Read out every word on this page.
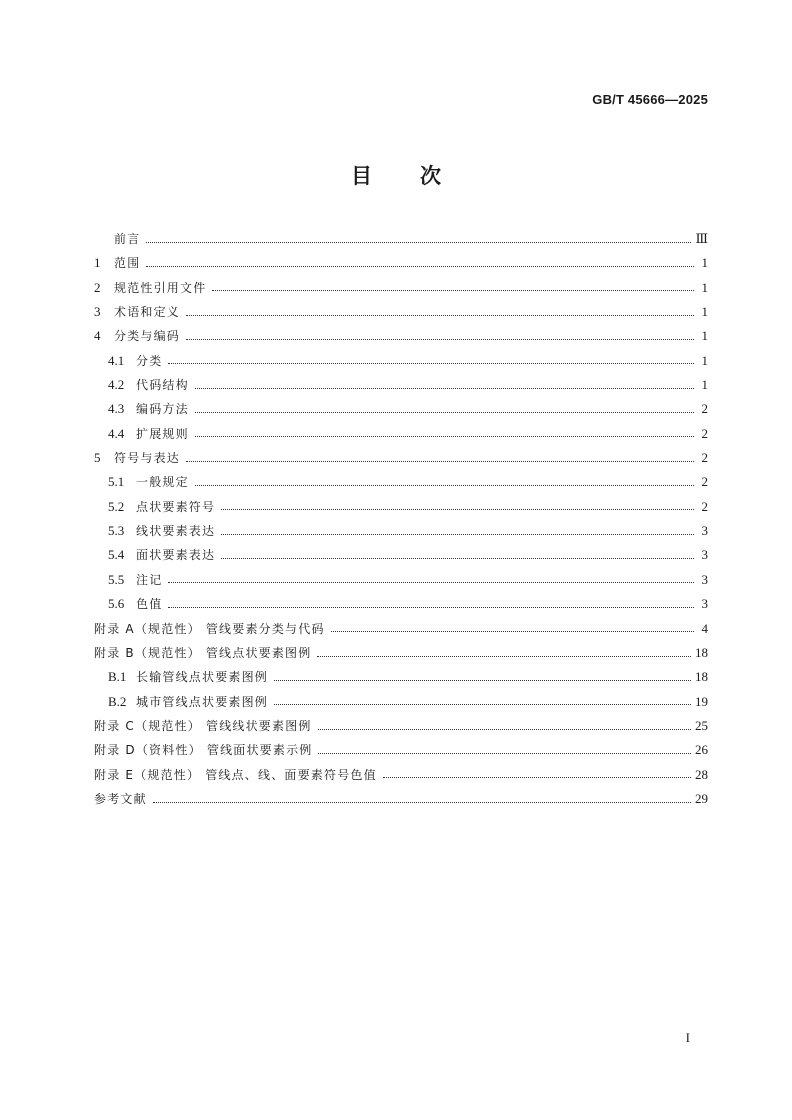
GB/T 45666—2025
目 次
前言	Ⅲ
1	范围	1
2	规范性引用文件	1
3	术语和定义	1
4	分类与编码	1
4.1 分类	1
4.2 代码结构	1
4.3 编码方法	2
4.4 扩展规则	2
5	符号与表达	2
5.1 一般规定	2
5.2 点状要素符号	2
5.3 线状要素表达	3
5.4 面状要素表达	3
5.5 注记	3
5.6 色值	3
附录 A（规范性） 管线要素分类与代码	4
附录 B（规范性） 管线点状要素图例	18
B.1 长输管线点状要素图例	18
B.2 城市管线点状要素图例	19
附录 C（规范性） 管线线状要素图例	25
附录 D（资料性） 管线面状要素示例	26
附录 E（规范性） 管线点、线、面要素符号色值	28
参考文献	29
I
